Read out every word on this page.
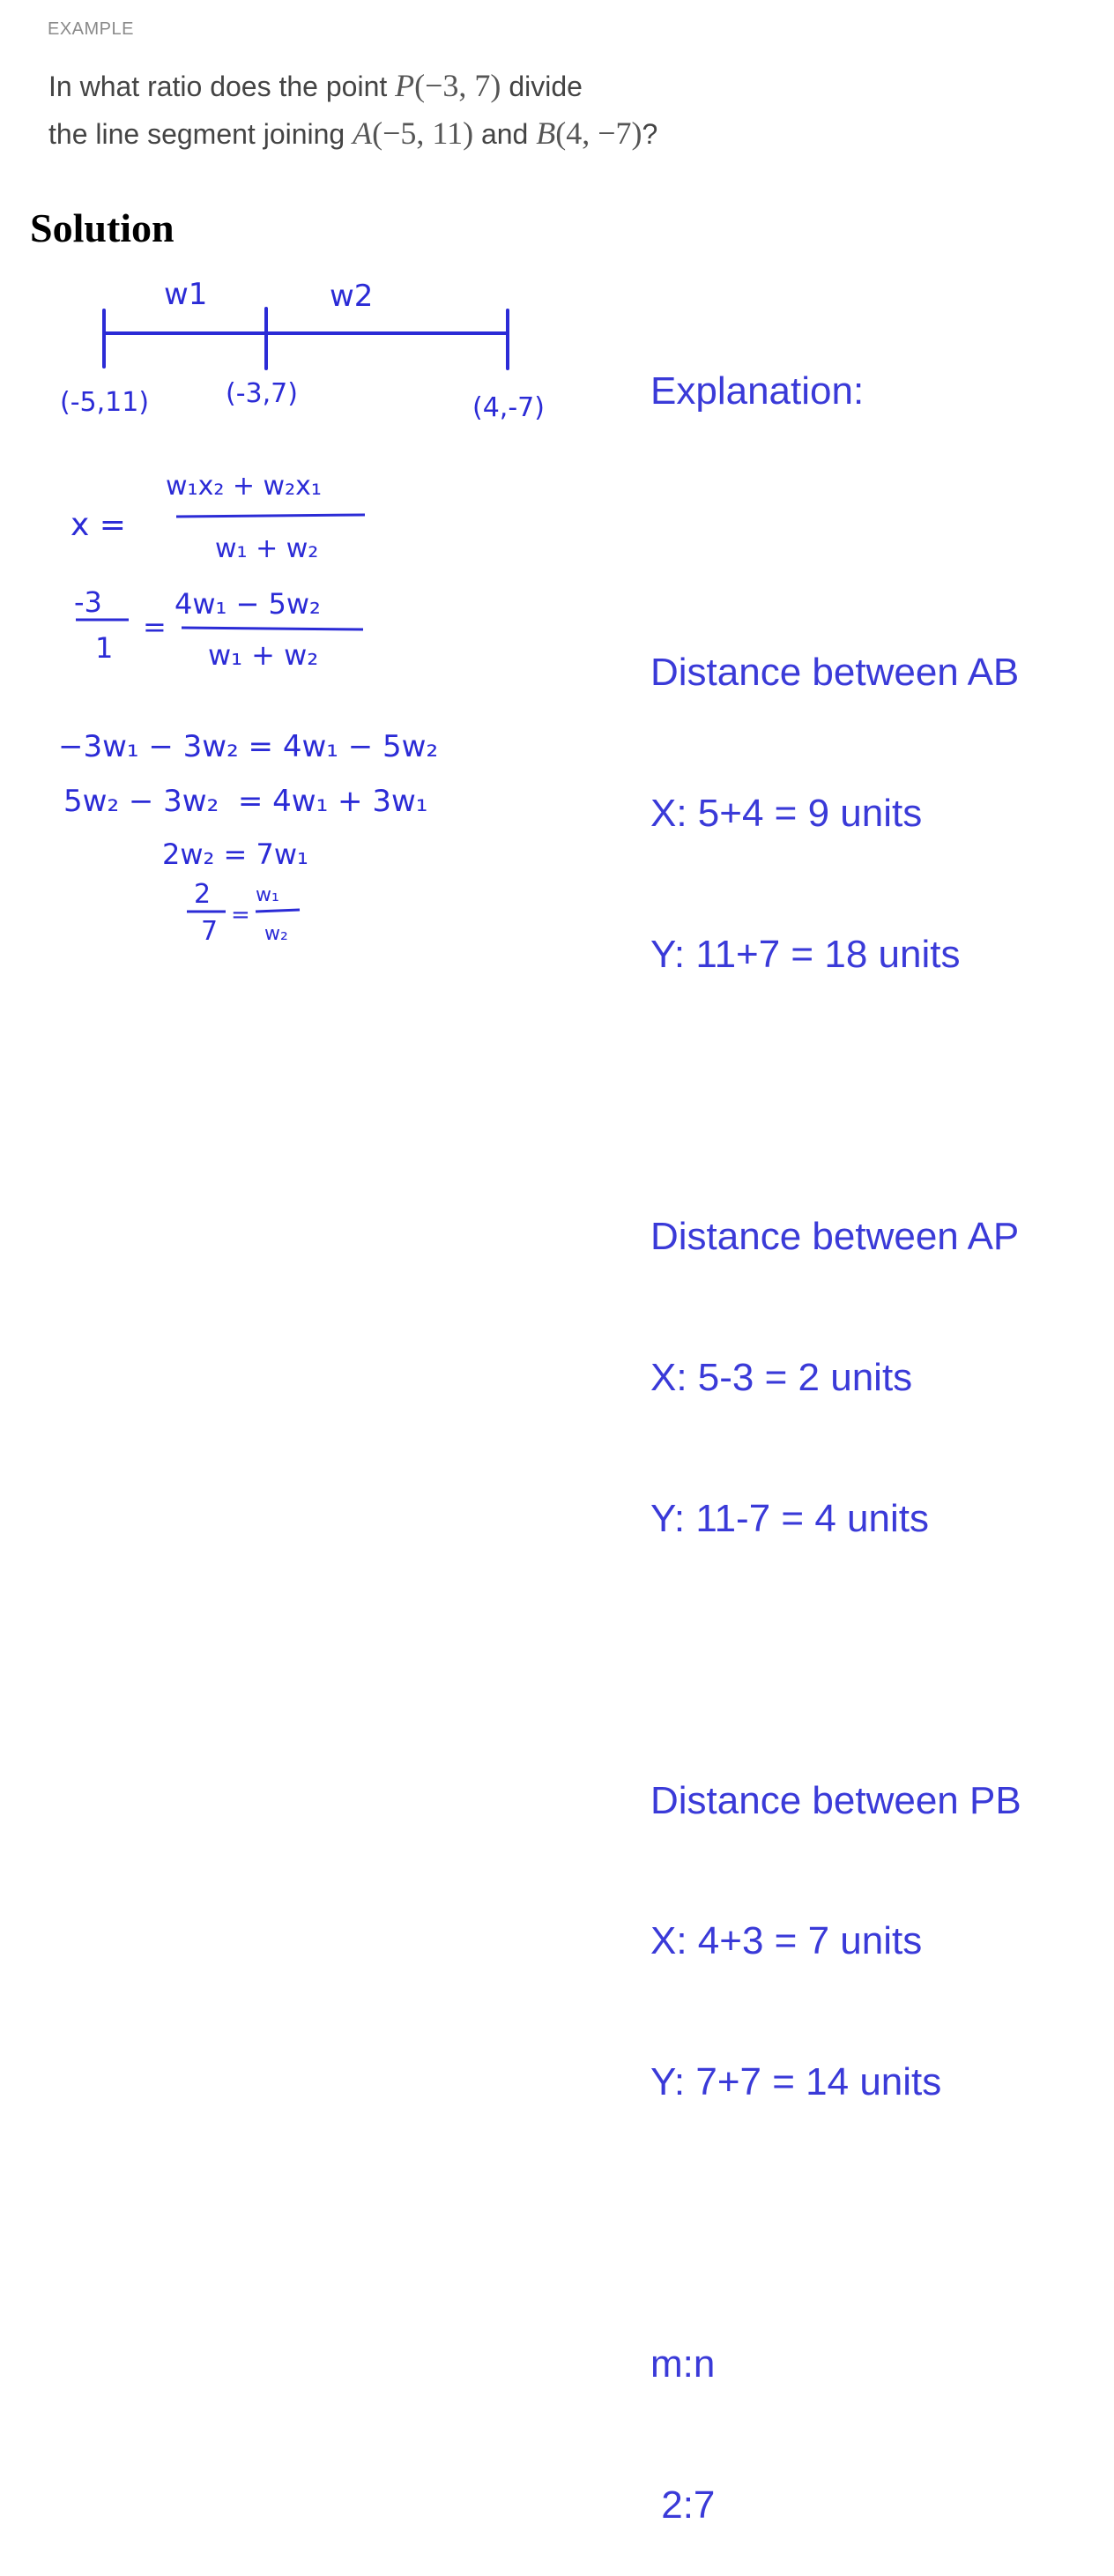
EXAMPLE
In what ratio does the point P(−3, 7) divide
the line segment joining A(−5, 11) and B(4, −7)?
Solution
w1	w2
(-5,11)	(-3,7)	(4,-7)
x =
w₁x₂ + w₂x₁
w₁ + w₂
-3
1
=
4w₁ − 5w₂
w₁ + w₂
−3w₁ − 3w₂ = 4w₁ − 5w₂
5w₂ − 3w₂  = 4w₁ + 3w₁
2w₂ = 7w₁
2
7
=
w₁
w₂

Explanation:

Distance between AB

X: 5+4 = 9 units

Y: 11+7 = 18 units

Distance between AP

X: 5-3 = 2 units

Y: 11-7 = 4 units

Distance between PB

X: 4+3 = 7 units

Y: 7+7 = 14 units

m:n

2:7
